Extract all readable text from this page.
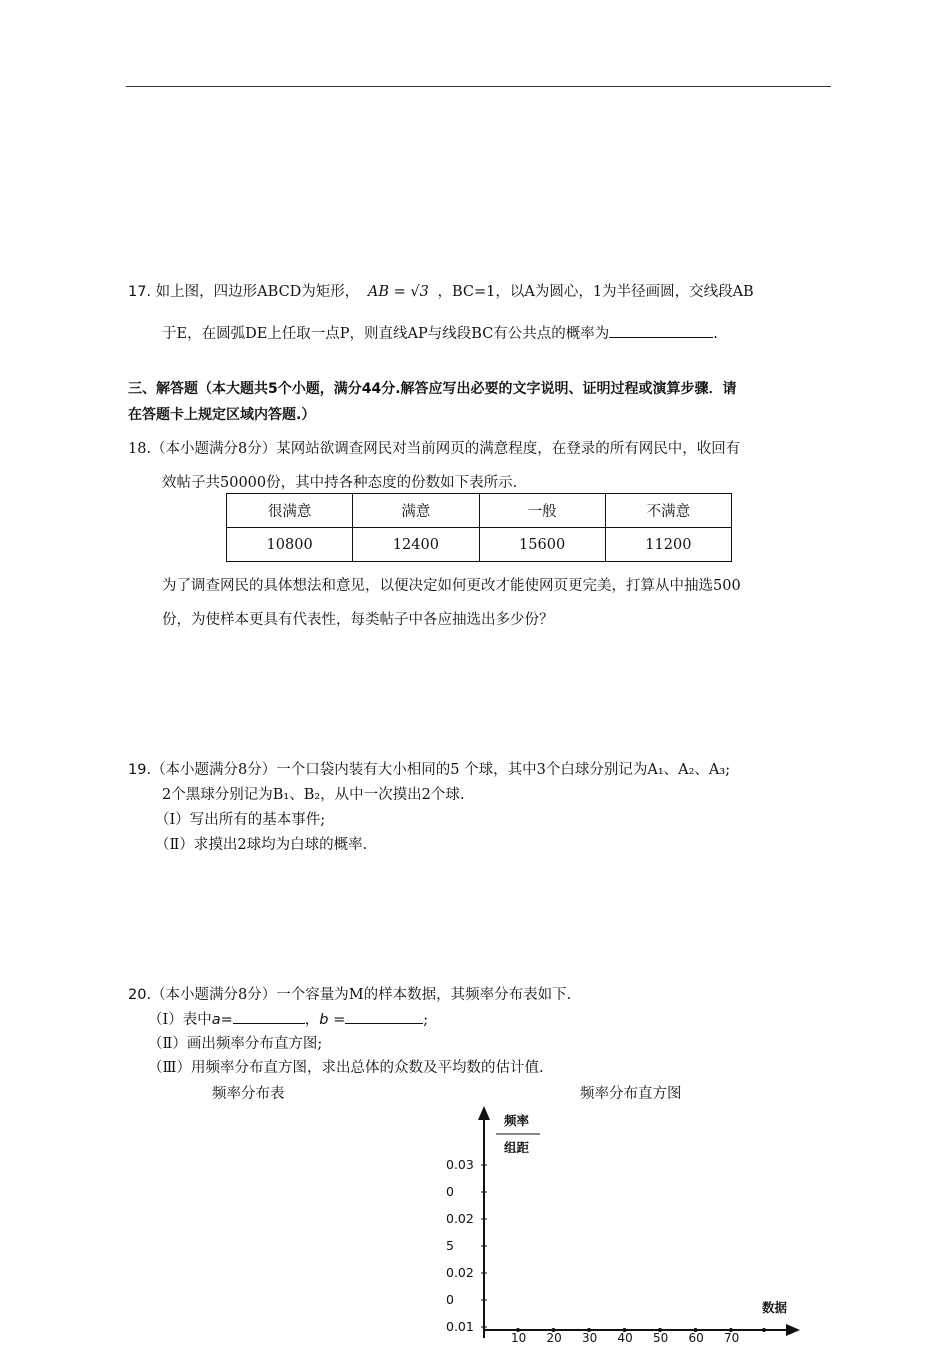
17. 如上图，四边形ABCD为矩形， AB = √3 ，BC=1，以A为圆心，1为半径画圆，交线段AB
于E，在圆弧DE上任取一点P，则直线AP与线段BC有公共点的概率为	.
三、解答题（本大题共5个小题，满分44分.解答应写出必要的文字说明、证明过程或演算步骤．请
在答题卡上规定区域内答题.）
18.（本小题满分8分）某网站欲调查网民对当前网页的满意程度，在登录的所有网民中，收回有
效帖子共50000份，其中持各种态度的份数如下表所示.
很满意	满意	一般	不满意
10800	12400	15600	11200
为了调查网民的具体想法和意见，以便决定如何更改才能使网页更完美，打算从中抽选500
份，为使样本更具有代表性，每类帖子中各应抽选出多少份？
19.（本小题满分8分）一个口袋内装有大小相同的5 个球，其中3个白球分别记为A₁、A₂、A₃;
2个黑球分别记为B₁、B₂，从中一次摸出2个球.
（Ⅰ）写出所有的基本事件;
（Ⅱ）求摸出2球均为白球的概率.
20.（本小题满分8分）一个容量为M的样本数据，其频率分布表如下.
（Ⅰ）表中a=	，b =	;
（Ⅱ）画出频率分布直方图;
（Ⅲ）用频率分布直方图，求出总体的众数及平均数的估计值.
频率分布表	频率分布直方图
频率
组距
数据
0.03
0
0.02
5
0.02
0
0.01
10 20 30 40 50 60 70
